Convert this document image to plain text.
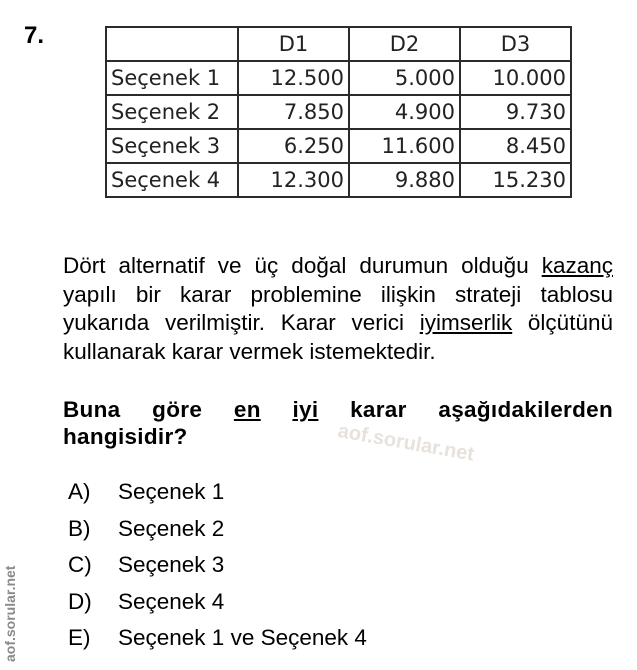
7.
		D1	D2	D3
Seçenek 1	12.500	5.000	10.000
Seçenek 2	7.850	4.900	9.730
Seçenek 3	6.250	11.600	8.450
Seçenek 4	12.300	9.880	15.230
Dört alternatif ve üç doğal durumun olduğu kazanç yapılı bir karar problemine ilişkin strateji tablosu yukarıda verilmiştir. Karar verici iyimserlik ölçütünü kullanarak karar vermek istemektedir.
Buna göre en iyi karar aşağıdakilerden hangisidir?
A)	Seçenek 1
B)	Seçenek 2
C)	Seçenek 3
D)	Seçenek 4
E)	Seçenek 1 ve Seçenek 4
aof.sorular.net
aof.sorular.net
